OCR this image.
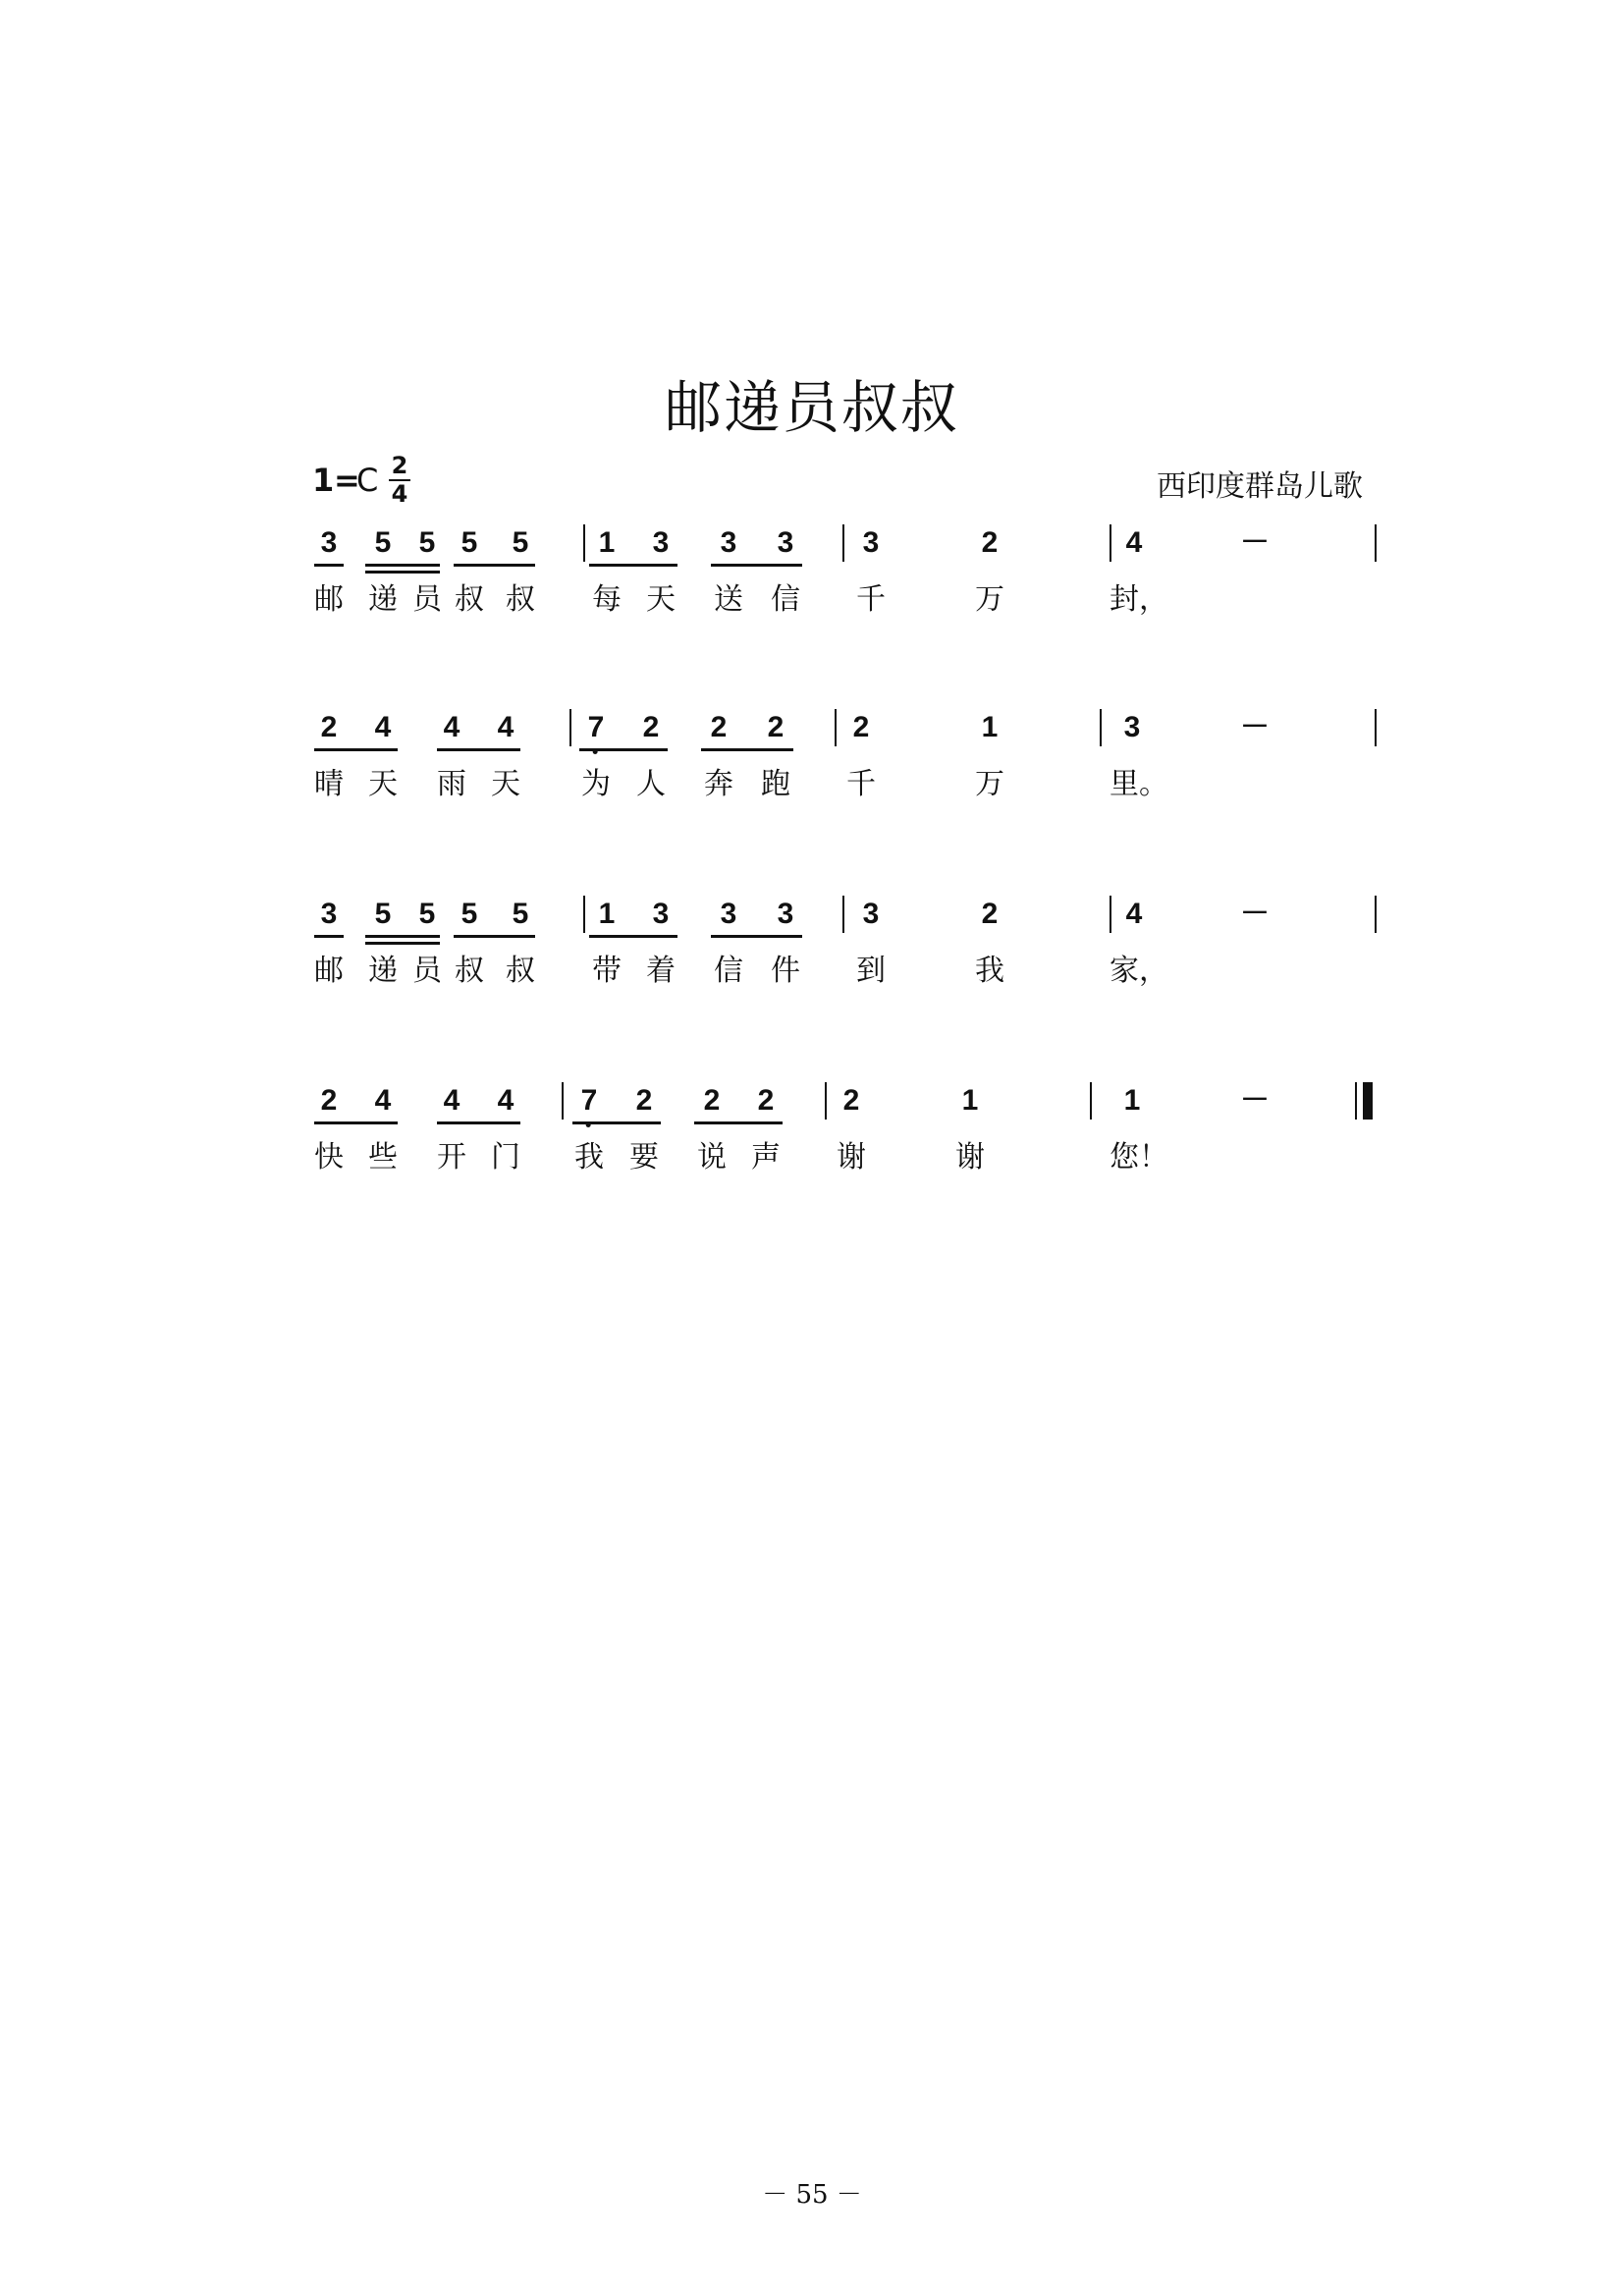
邮递员叔叔
1 =
C 2
4	西印度群岛儿歌
3 5 5 5 5 1 3 3 3 3	2	4	－
邮 递 员 叔 叔 每 天 送 信 千	万	封，
2 4 4 4	7 2 2 2 2	1	3	－
晴 天 雨 天 为 人 奔 跑 千	万	里。
3 5 5 5 5 1 3 3 3 3	2	4	－
邮 递 员 叔 叔 带 着 信 件 到	我	家，
2 4 4 4 7 2 2 2 2	1	1	－
快 些 开 门 我 要 说 声 谢	谢	您！
－ 55 －
